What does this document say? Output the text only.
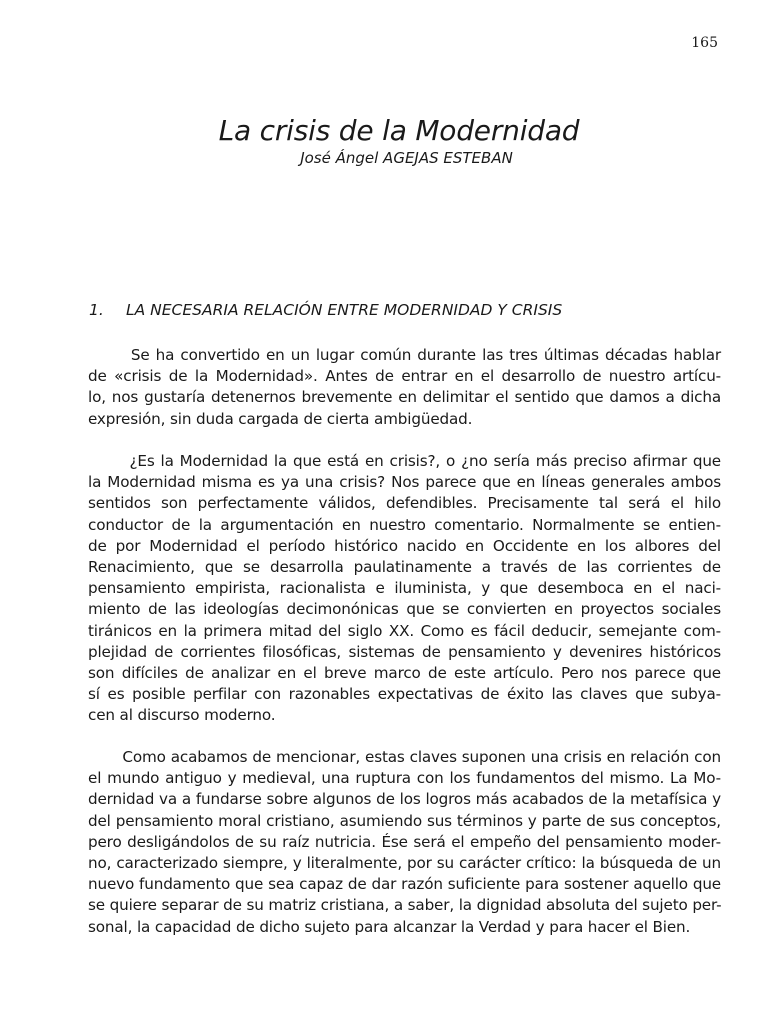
165
La crisis de la Modernidad
José Ángel AGEJAS ESTEBAN
1. LA NECESARIA RELACIÓN ENTRE MODERNIDAD Y CRISIS
Se ha convertido en un lugar común durante las tres últimas décadas hablar
de «crisis de la Modernidad». Antes de entrar en el desarrollo de nuestro artícu-
lo, nos gustaría detenernos brevemente en delimitar el sentido que damos a dicha
expresión, sin duda cargada de cierta ambigüedad.
¿Es la Modernidad la que está en crisis?, o ¿no sería más preciso afirmar que
la Modernidad misma es ya una crisis? Nos parece que en líneas generales ambos
sentidos son perfectamente válidos, defendibles. Precisamente tal será el hilo
conductor de la argumentación en nuestro comentario. Normalmente se entien-
de por Modernidad el período histórico nacido en Occidente en los albores del
Renacimiento, que se desarrolla paulatinamente a través de las corrientes de
pensamiento empirista, racionalista e iluminista, y que desemboca en el naci-
miento de las ideologías decimonónicas que se convierten en proyectos sociales
tiránicos en la primera mitad del siglo XX. Como es fácil deducir, semejante com-
plejidad de corrientes filosóficas, sistemas de pensamiento y devenires históricos
son difíciles de analizar en el breve marco de este artículo. Pero nos parece que
sí es posible perfilar con razonables expectativas de éxito las claves que subya-
cen al discurso moderno.
Como acabamos de mencionar, estas claves suponen una crisis en relación con
el mundo antiguo y medieval, una ruptura con los fundamentos del mismo. La Mo-
dernidad va a fundarse sobre algunos de los logros más acabados de la metafísica y
del pensamiento moral cristiano, asumiendo sus términos y parte de sus conceptos,
pero desligándolos de su raíz nutricia. Ése será el empeño del pensamiento moder-
no, caracterizado siempre, y literalmente, por su carácter crítico: la búsqueda de un
nuevo fundamento que sea capaz de dar razón suficiente para sostener aquello que
se quiere separar de su matriz cristiana, a saber, la dignidad absoluta del sujeto per-
sonal, la capacidad de dicho sujeto para alcanzar la Verdad y para hacer el Bien.
